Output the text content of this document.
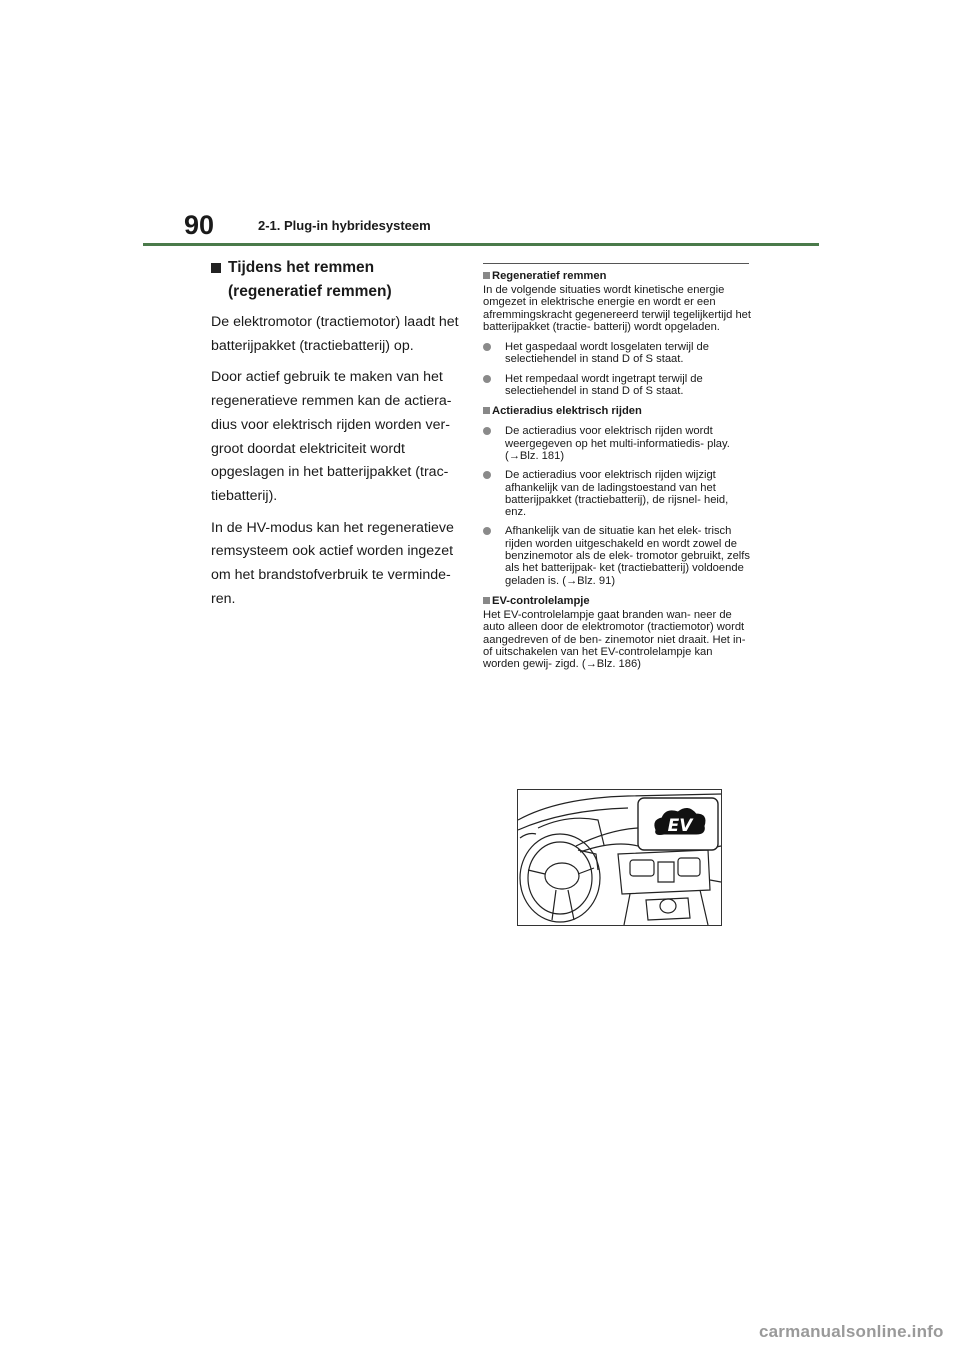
90	2-1. Plug-in hybridesysteem
Tijdens het remmen (regeneratief remmen)

De elektromotor (tractiemotor) laadt het batterijpakket (tractiebatterij) op.

Door actief gebruik te maken van het regeneratieve remmen kan de actiera- dius voor elektrisch rijden worden ver- groot doordat elektriciteit wordt opgeslagen in het batterijpakket (trac- tiebatterij).

In de HV-modus kan het regeneratieve remsysteem ook actief worden ingezet om het brandstofverbruik te verminde- ren.

Regeneratief remmen
In de volgende situaties wordt kinetische energie omgezet in elektrische energie en wordt er een afremmingskracht gegenereerd terwijl tegelijkertijd het batterijpakket (tractie- batterij) wordt opgeladen.
Het gaspedaal wordt losgelaten terwijl de selectiehendel in stand D of S staat.
Het rempedaal wordt ingetrapt terwijl de selectiehendel in stand D of S staat.
Actieradius elektrisch rijden
De actieradius voor elektrisch rijden wordt weergegeven op het multi-informatiedis- play. (→Blz. 181)
De actieradius voor elektrisch rijden wijzigt afhankelijk van de ladingstoestand van het batterijpakket (tractiebatterij), de rijsnel- heid, enz.
Afhankelijk van de situatie kan het elek- trisch rijden worden uitgeschakeld en wordt zowel de benzinemotor als de elek- tromotor gebruikt, zelfs als het batterijpak- ket (tractiebatterij) voldoende geladen is. (→Blz. 91)
EV-controlelampje
Het EV-controlelampje gaat branden wan- neer de auto alleen door de elektromotor (tractiemotor) wordt aangedreven of de ben- zinemotor niet draait. Het in- of uitschakelen van het EV-controlelampje kan worden gewij- zigd. (→Blz. 186)
EV
carmanualsonline.info
